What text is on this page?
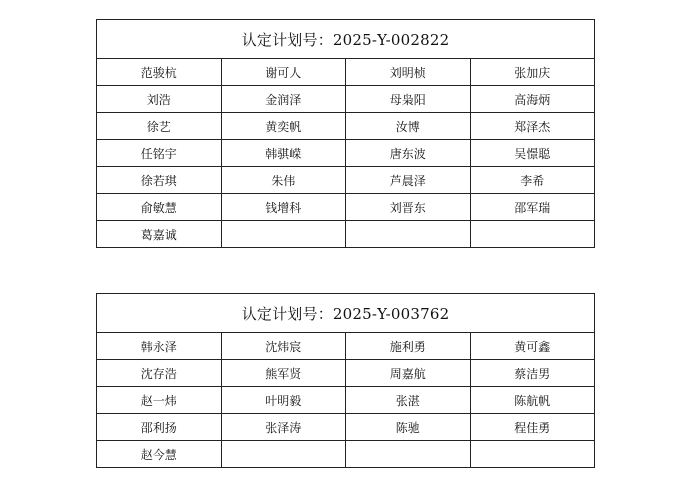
认定计划号：2025-Y-002822			
范骏杭	谢可人	刘明桢	张加庆
刘浩	金润泽	母枭阳	高海炳
徐艺	黄奕帆	汝博	郑泽杰
任铭宇	韩骐嵘	唐东波	吴憬聪
徐若琪	朱伟	芦晨泽	李希
俞敏慧	钱增科	刘晋东	邵军瑞
葛嘉诚			
认定计划号：2025-Y-003762			
韩永泽	沈炜宸	施利勇	黄可鑫
沈存浩	熊军贤	周嘉航	蔡洁男
赵一炜	叶明毅	张湛	陈航帆
邵利扬	张泽涛	陈驰	程佳勇
赵今慧			
